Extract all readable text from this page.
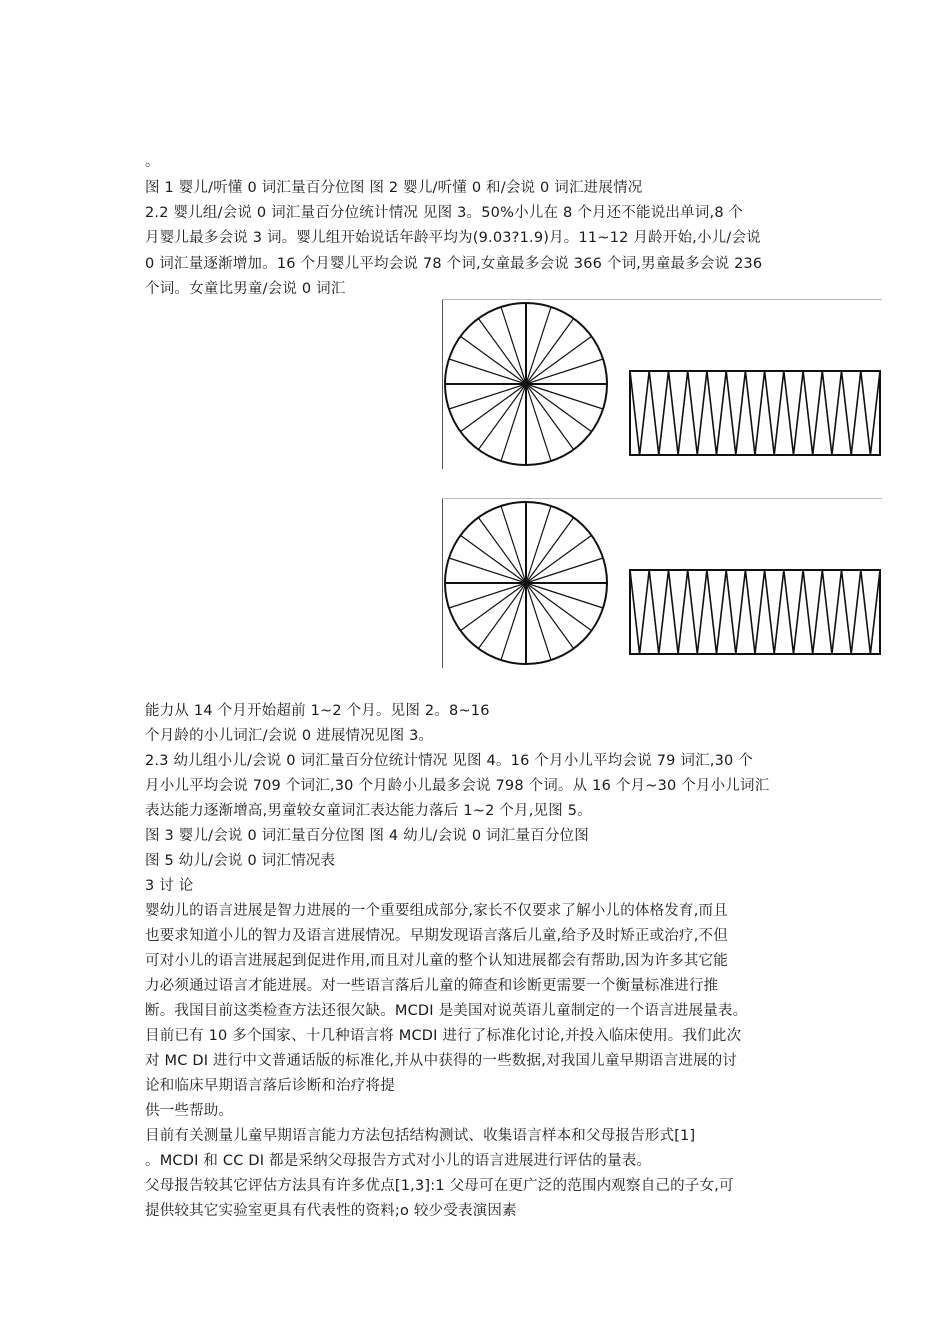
。
图 1 婴儿/听懂 0 词汇量百分位图 图 2 婴儿/听懂 0 和/会说 0 词汇进展情况
2.2 婴儿组/会说 0 词汇量百分位统计情况 见图 3。50%小儿在 8 个月还不能说出单词,8 个
月婴儿最多会说 3 词。婴儿组开始说话年龄平均为(9.03?1.9)月。11~12 月龄开始,小儿/会说
0 词汇量逐渐增加。16 个月婴儿平均会说 78 个词,女童最多会说 366 个词,男童最多会说 236
个词。女童比男童/会说 0 词汇
能力从 14 个月开始超前 1~2 个月。见图 2。8~16
个月龄的小儿词汇/会说 0 进展情况见图 3。
2.3 幼儿组小儿/会说 0 词汇量百分位统计情况 见图 4。16 个月小儿平均会说 79 词汇,30 个
月小儿平均会说 709 个词汇,30 个月龄小儿最多会说 798 个词。从 16 个月~30 个月小儿词汇
表达能力逐渐增高,男童较女童词汇表达能力落后 1~2 个月,见图 5。
图 3 婴儿/会说 0 词汇量百分位图 图 4 幼儿/会说 0 词汇量百分位图
图 5 幼儿/会说 0 词汇情况表
3 讨 论
婴幼儿的语言进展是智力进展的一个重要组成部分,家长不仅要求了解小儿的体格发育,而且
也要求知道小儿的智力及语言进展情况。早期发现语言落后儿童,给予及时矫正或治疗,不但
可对小儿的语言进展起到促进作用,而且对儿童的整个认知进展都会有帮助,因为许多其它能
力必须通过语言才能进展。对一些语言落后儿童的筛查和诊断更需要一个衡量标准进行推
断。我国目前这类检查方法还很欠缺。MCDI 是美国对说英语儿童制定的一个语言进展量表。
目前已有 10 多个国家、十几种语言将 MCDI 进行了标准化讨论,并投入临床使用。我们此次
对 MC DI 进行中文普通话版的标准化,并从中获得的一些数据,对我国儿童早期语言进展的讨
论和临床早期语言落后诊断和治疗将提
供一些帮助。
目前有关测量儿童早期语言能力方法包括结构测试、收集语言样本和父母报告形式[1]
。MCDI 和 CC DI 都是采纳父母报告方式对小儿的语言进展进行评估的量表。
父母报告较其它评估方法具有许多优点[1,3]:1 父母可在更广泛的范围内观察自己的子女,可
提供较其它实验室更具有代表性的资料;o 较少受表演因素
